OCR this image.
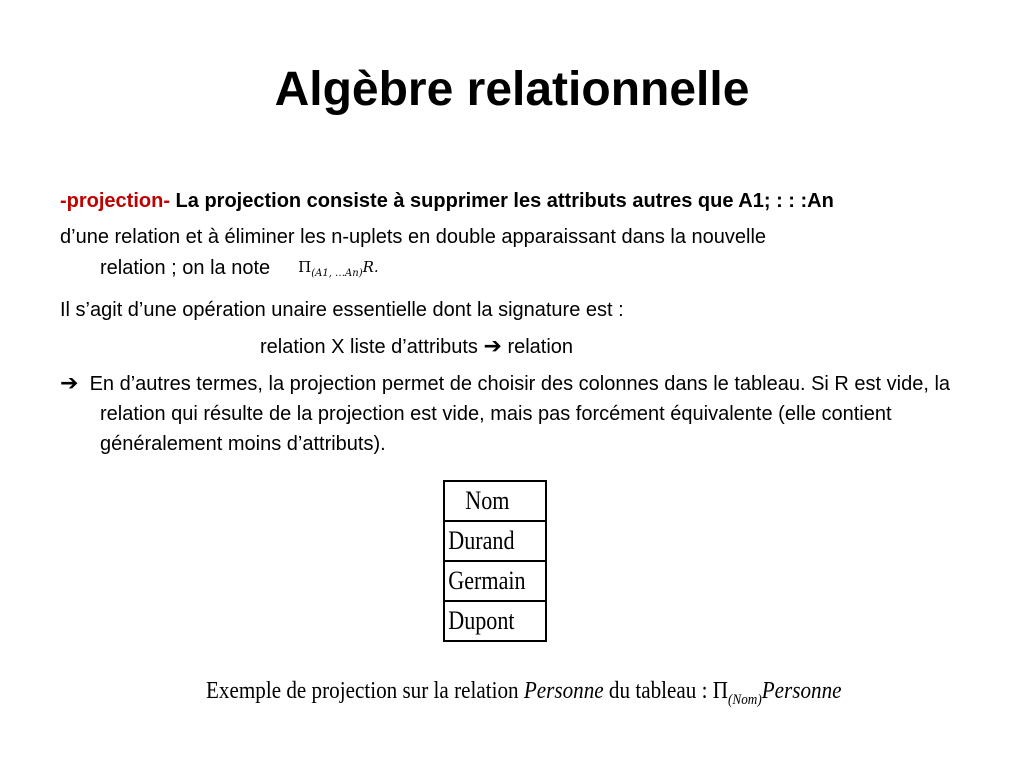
Algèbre relationnelle

-projection- La projection consiste à supprimer les attributs autres que A1; : : :An

d’une relation et à éliminer les n-uplets en double apparaissant dans la nouvelle
relation ; on la note $\Pi_{(A1, \dots An)}R$.

Il s’agit d’une opération unaire essentielle dont la signature est :

relation X liste d’attributs ➔ relation

➔ En d’autres termes, la projection permet de choisir des colonnes dans le tableau. Si R est vide, la relation qui résulte de la projection est vide, mais pas forcément équivalente (elle contient généralement moins d’attributs).

Nom
Durand
Germain
Dupont
Exemple de projection sur la relation Personne du tableau : $\Pi_{(Nom)}Personne$
